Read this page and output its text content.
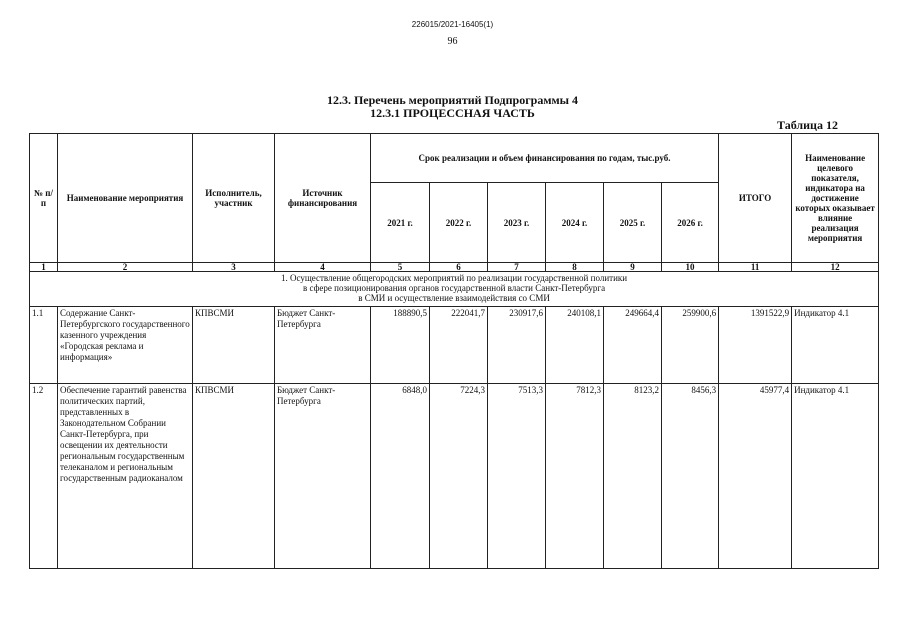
226015/2021-16405(1)
96
12.3. Перечень мероприятий Подпрограммы 4
12.3.1 ПРОЦЕССНАЯ ЧАСТЬ
Таблица 12
№ п/п	Наименование мероприятия	Исполнитель, участник	Источник финансирования	Срок реализации и объем финансирования по годам, тыс.руб.						ИТОГО	Наименование целевого показателя, индикатора на достижение которых оказывает влияние реализация мероприятия
				2021 г.	2022 г.	2023 г.	2024 г.	2025 г.	2026 г.		
1	2	3	4	5	6	7	8	9	10	11	12

1. Осуществление общегородских мероприятий по реализации государственной политики
в сфере позиционирования органов государственной власти Санкт-Петербурга
в СМИ и осуществление взаимодействия со СМИ											

1.1	Содержание Санкт-Петербургского государственного казенного учреждения «Городская реклама и информация»	КПВСМИ	Бюджет Санкт-Петербурга	188890,5	222041,7	230917,6	240108,1	249664,4	259900,6	1391522,9	Индикатор 4.1
1.2	Обеспечение гарантий равенства политических партий, представленных в Законодательном Собрании Санкт-Петербурга, при освещении их деятельности региональным государственным телеканалом и региональным государственным радиоканалом	КПВСМИ	Бюджет Санкт-Петербурга	6848,0	7224,3	7513,3	7812,3	8123,2	8456,3	45977,4	Индикатор 4.1
